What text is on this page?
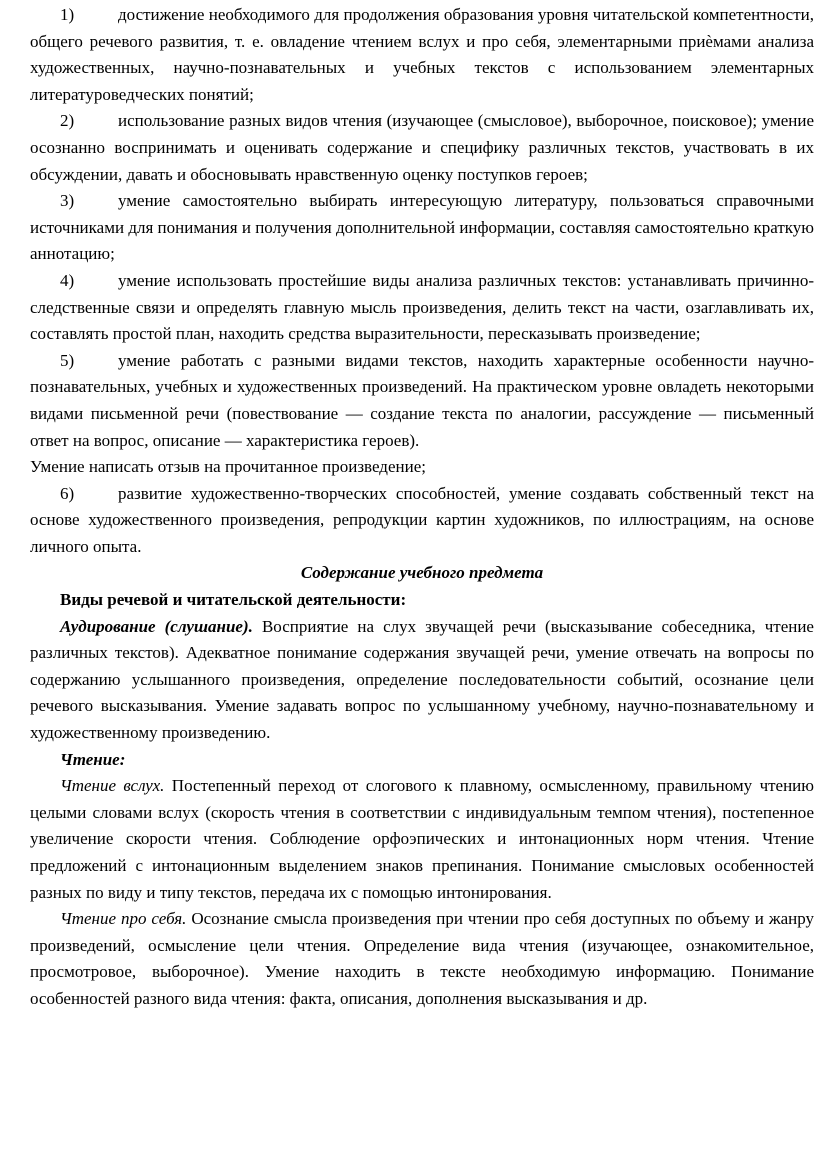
1)	достижение необходимого для продолжения образования уровня читательской компетентности, общего речевого развития, т. е. овладение чтением вслух и про себя, элементарными приѐмами анализа художественных, научно-познавательных и учебных текстов с использованием элементарных литературоведческих понятий;

2)	использование разных видов чтения (изучающее (смысловое), выборочное, поисковое); умение осознанно воспринимать и оценивать содержание и специфику различных текстов, участвовать в их обсуждении, давать и обосновывать нравственную оценку поступков героев;

3)	умение самостоятельно выбирать интересующую литературу, пользоваться справочными источниками для понимания и получения дополнительной информации, составляя самостоятельно краткую аннотацию;

4)	умение использовать простейшие виды анализа различных текстов: устанавливать причинно-следственные связи и определять главную мысль произведения, делить текст на части, озаглавливать их, составлять простой план, находить средства выразительности, пересказывать произведение;

5)	умение работать с разными видами текстов, находить характерные особенности научно-познавательных, учебных и художественных произведений. На практическом уровне овладеть некоторыми видами письменной речи (повествование — создание текста по аналогии, рассуждение — письменный ответ на вопрос, описание — характеристика героев).

Умение написать отзыв на прочитанное произведение;

6)	развитие художественно-творческих способностей, умение создавать собственный текст на основе художественного произведения, репродукции картин художников, по иллюстрациям, на основе личного опыта.

Содержание учебного предмета

Виды речевой и читательской деятельности:

Аудирование (слушание). Восприятие на слух звучащей речи (высказывание собеседника, чтение различных текстов). Адекватное понимание содержания звучащей речи, умение отвечать на вопросы по содержанию услышанного произведения, определение последовательности событий, осознание цели речевого высказывания. Умение задавать вопрос по услышанному учебному, научно-познавательному и художественному произведению.

Чтение:

Чтение вслух. Постепенный переход от слогового к плавному, осмысленному, правильному чтению целыми словами вслух (скорость чтения в соответствии с индивидуальным темпом чтения), постепенное увеличение скорости чтения. Соблюдение орфоэпических и интонационных норм чтения. Чтение предложений с интонационным выделением знаков препинания. Понимание смысловых особенностей разных по виду и типу текстов, передача их с помощью интонирования.

Чтение про себя. Осознание смысла произведения при чтении про себя доступных по объему и жанру произведений, осмысление цели чтения. Определение вида чтения (изучающее, ознакомительное, просмотровое, выборочное). Умение находить в тексте необходимую информацию. Понимание особенностей разного вида чтения: факта, описания, дополнения высказывания и др.
